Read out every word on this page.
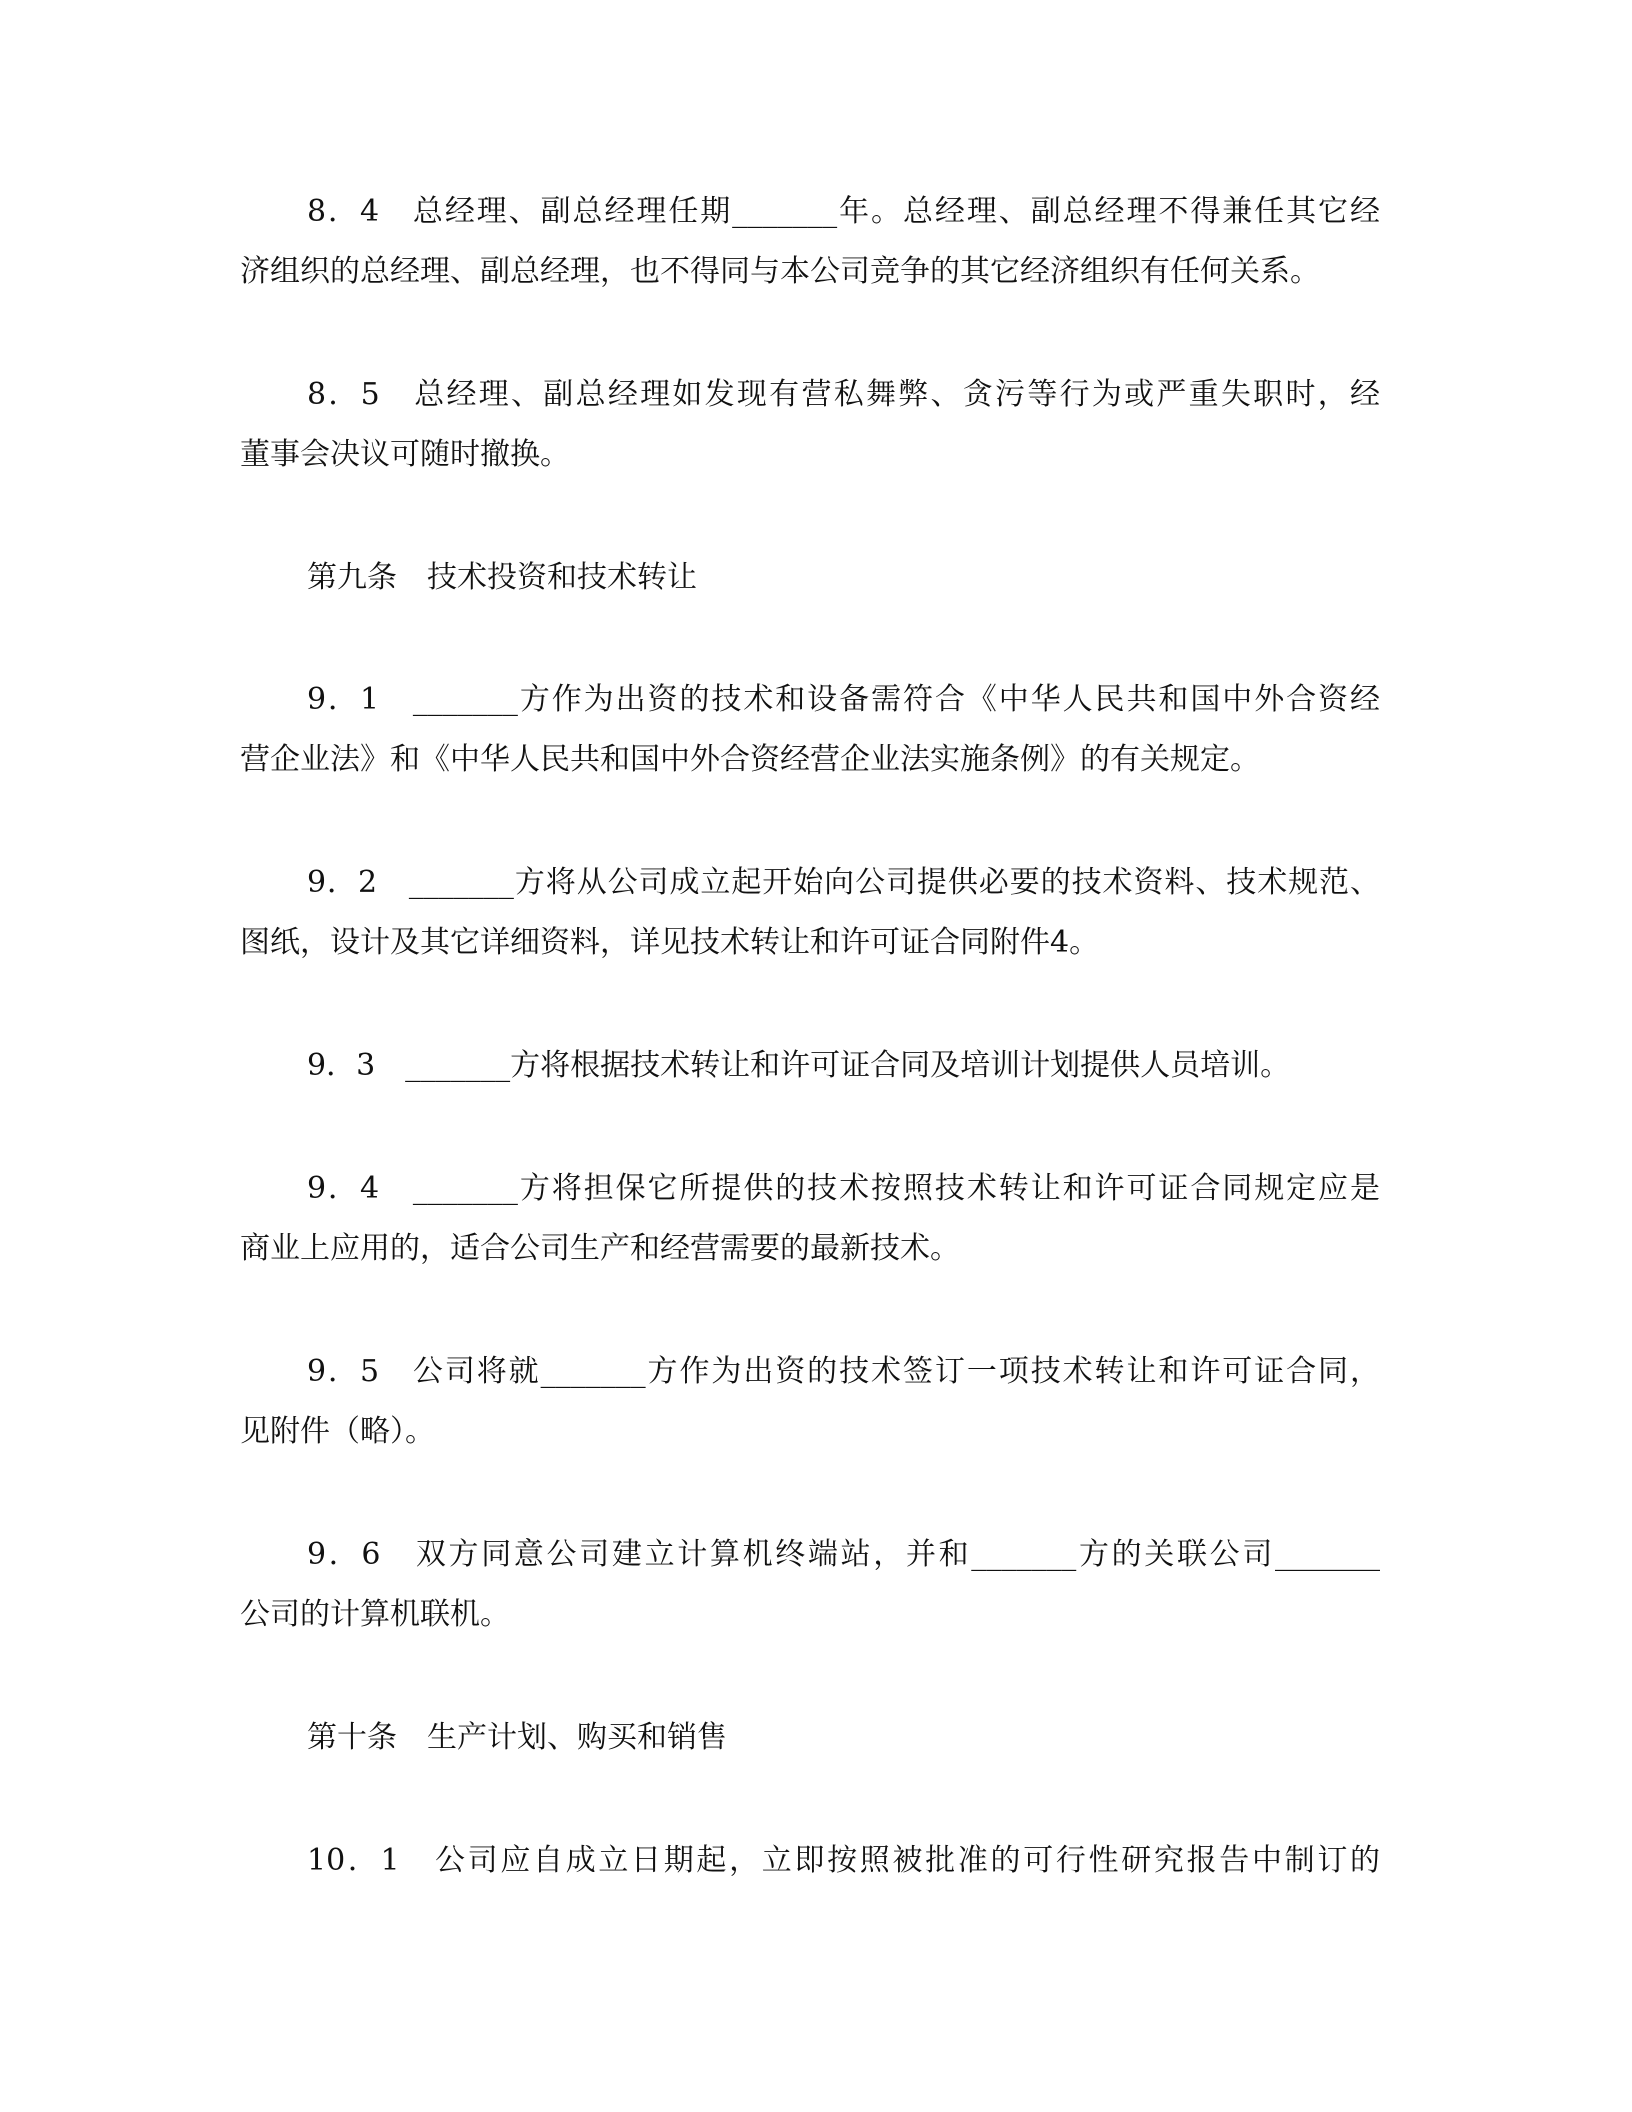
8．4　总经理、副总经理任期_______年。总经理、副总经理不得兼任其它经
济组织的总经理、副总经理，也不得同与本公司竞争的其它经济组织有任何关系。
8．5　总经理、副总经理如发现有营私舞弊、贪污等行为或严重失职时，经
董事会决议可随时撤换。
第九条　技术投资和技术转让
9．1　_______方作为出资的技术和设备需符合《中华人民共和国中外合资经
营企业法》和《中华人民共和国中外合资经营企业法实施条例》的有关规定。
9．2　_______方将从公司成立起开始向公司提供必要的技术资料、技术规范、
图纸，设计及其它详细资料，详见技术转让和许可证合同附件4。
9．3　_______方将根据技术转让和许可证合同及培训计划提供人员培训。
9．4　_______方将担保它所提供的技术按照技术转让和许可证合同规定应是
商业上应用的，适合公司生产和经营需要的最新技术。
9．5　公司将就_______方作为出资的技术签订一项技术转让和许可证合同，
见附件（略）。
9．6　双方同意公司建立计算机终端站，并和_______方的关联公司_______
公司的计算机联机。
第十条　生产计划、购买和销售
10．1　公司应自成立日期起，立即按照被批准的可行性研究报告中制订的
